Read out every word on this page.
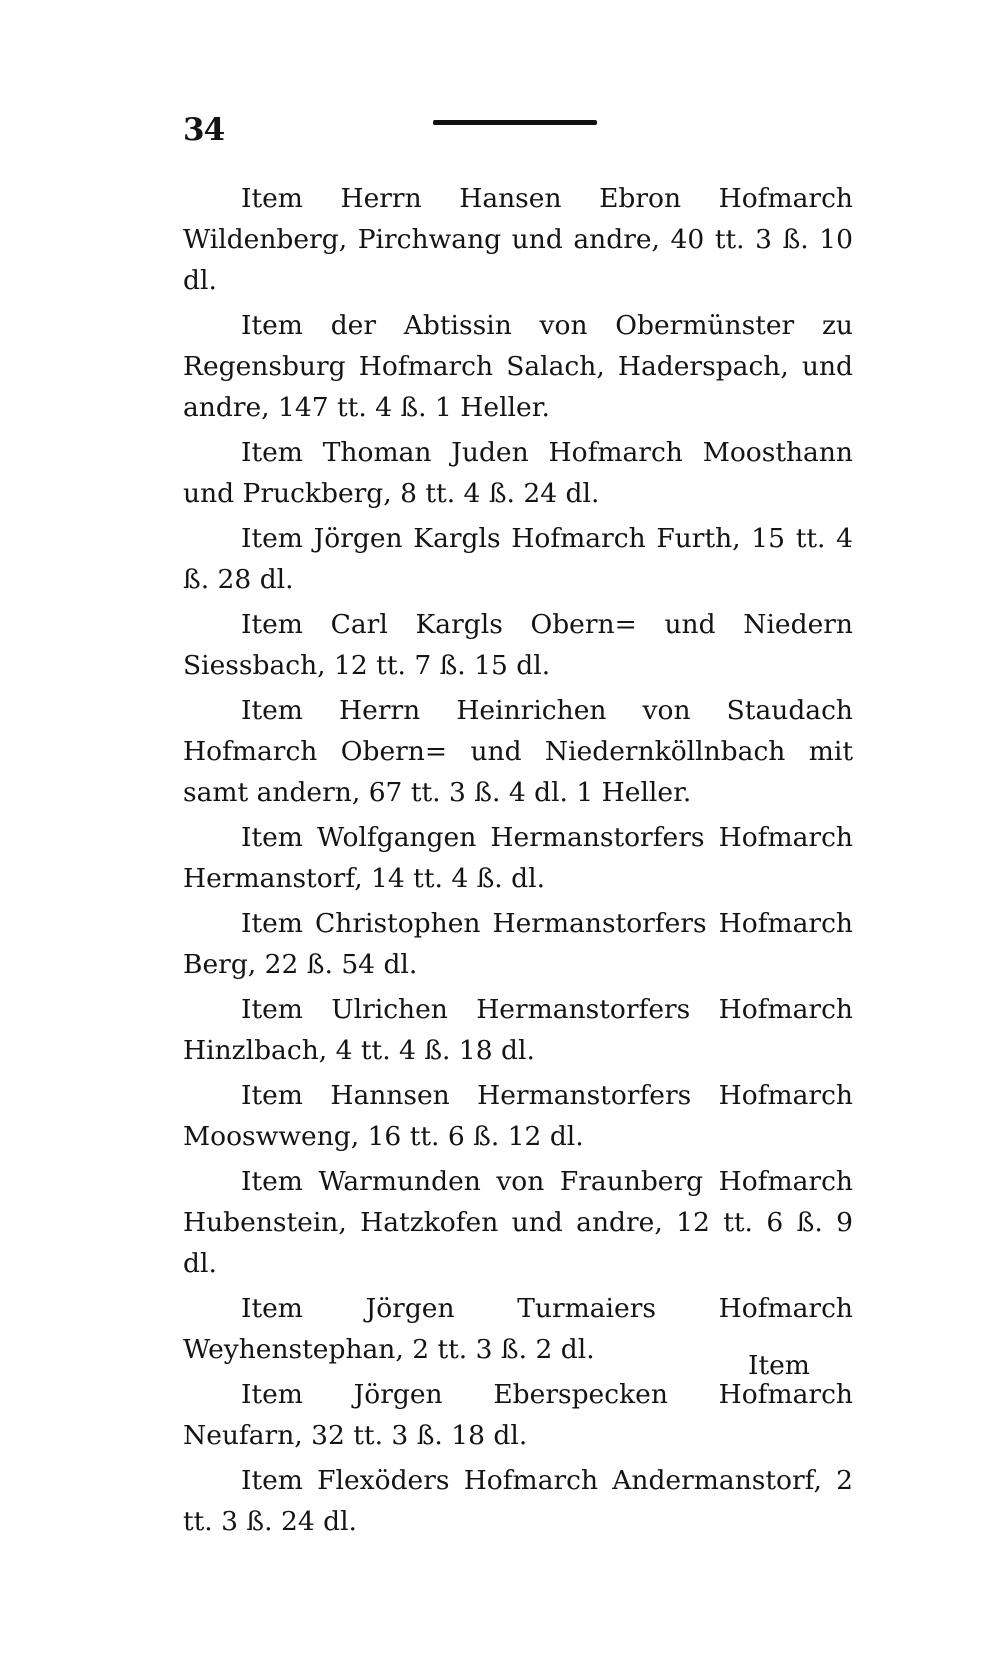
34

Item Herrn Hansen Ebron Hofmarch Wildenberg, Pirchwang und andre, 40 tt. 3 ß. 10 dl.

Item der Abtissin von Obermünster zu Regensburg Hofmarch Salach, Haderspach, und andre, 147 tt. 4 ß. 1 Heller.

Item Thoman Juden Hofmarch Moosthann und Pruckberg, 8 tt. 4 ß. 24 dl.

Item Jörgen Kargls Hofmarch Furth, 15 tt. 4 ß. 28 dl.

Item Carl Kargls Obern= und Niedern Siessbach, 12 tt. 7 ß. 15 dl.

Item Herrn Heinrichen von Staudach Hofmarch Obern= und Niedernköllnbach mit samt andern, 67 tt. 3 ß. 4 dl. 1 Heller.

Item Wolfgangen Hermanstorfers Hofmarch Hermanstorf, 14 tt. 4 ß. dl.

Item Christophen Hermanstorfers Hofmarch Berg, 22 ß. 54 dl.

Item Ulrichen Hermanstorfers Hofmarch Hinzlbach, 4 tt. 4 ß. 18 dl.

Item Hannsen Hermanstorfers Hofmarch Mooswweng, 16 tt. 6 ß. 12 dl.

Item Warmunden von Fraunberg Hofmarch Hubenstein, Hatzkofen und andre, 12 tt. 6 ß. 9 dl.

Item Jörgen Turmaiers Hofmarch Weyhenstephan, 2 tt. 3 ß. 2 dl.

Item Jörgen Eberspecken Hofmarch Neufarn, 32 tt. 3 ß. 18 dl.

Item Flexöders Hofmarch Andermanstorf, 2 tt. 3 ß. 24 dl.

Item
